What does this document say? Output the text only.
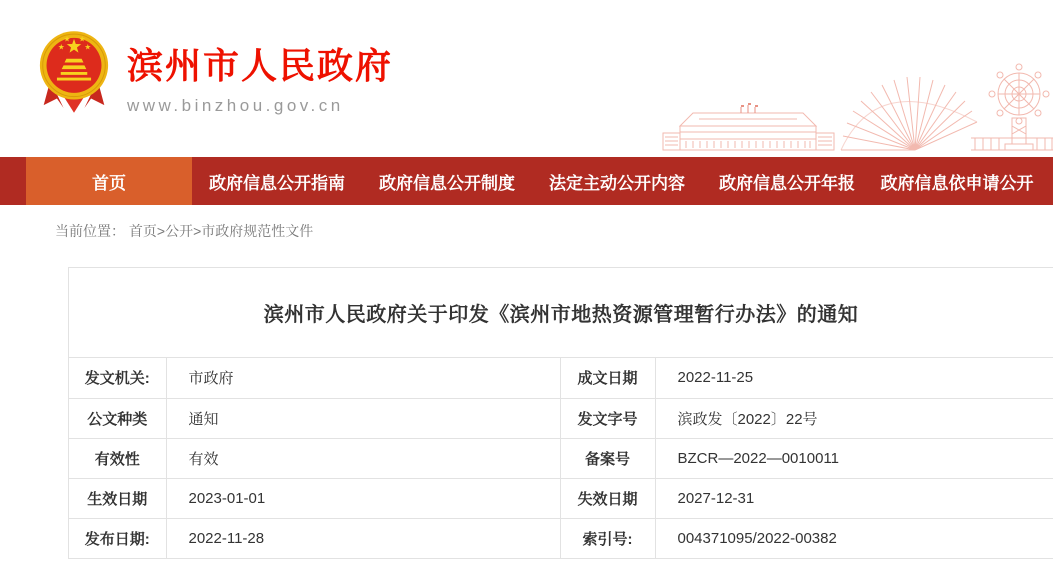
★
★ ★
★ 滨州市人民政府
www.binzhou.gov.cn
首页	政府信息公开指南	政府信息公开制度	法定主动公开内容	政府信息公开年报	政府信息依申请公开
当前位置： 首页>公开>市政府规范性文件
滨州市人民政府关于印发《滨州市地热资源管理暂行办法》的通知
发文机关:	市政府	成文日期	2022-11-25
公文种类	通知	发文字号	滨政发〔2022〕22号
有效性	有效	备案号	BZCR—2022—0010011
生效日期	2023-01-01	失效日期	2027-12-31
发布日期:	2022-11-28	索引号:	004371095/2022-00382
